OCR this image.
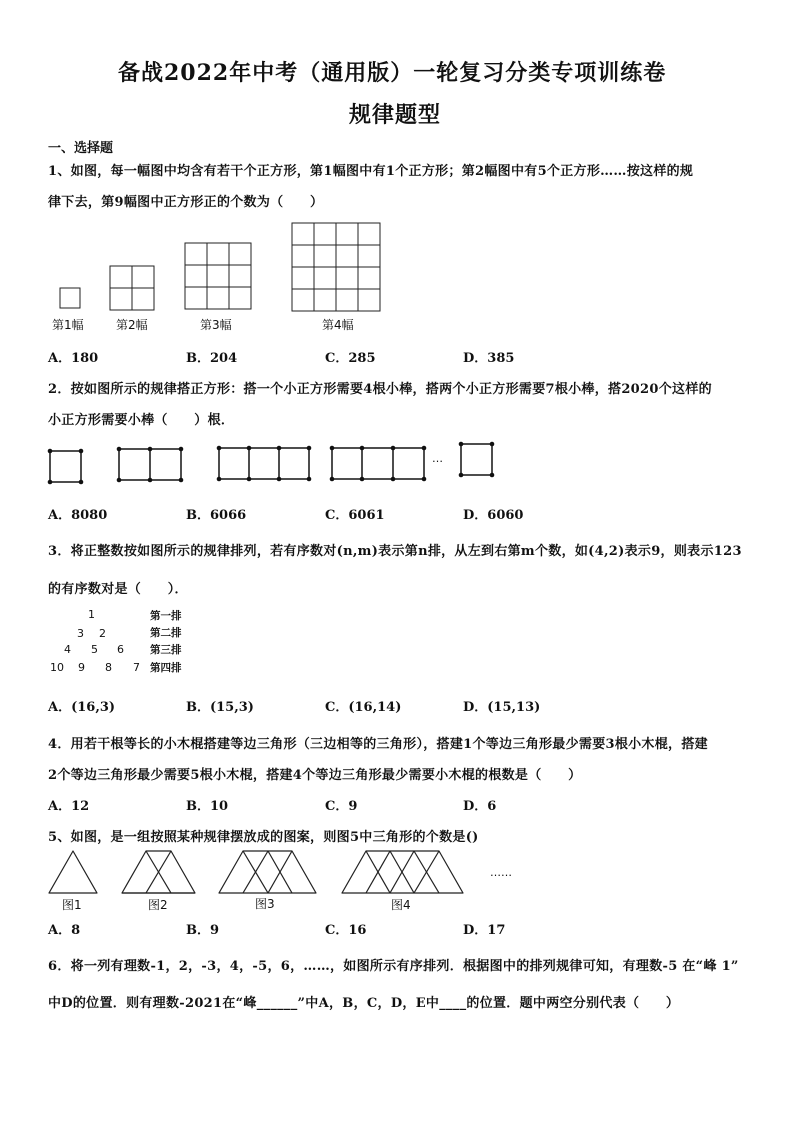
备战2022年中考（通用版）一轮复习分类专项训练卷
规律题型
一、选择题
1、如图，每一幅图中均含有若干个正方形，第1幅图中有1个正方形；第2幅图中有5个正方形……按这样的规
律下去，第9幅图中正方形正的个数为（　　）
第1幅	第2幅	第3幅	第4幅
A．180	B．204	C．285	D．385
2．按如图所示的规律搭正方形：搭一个小正方形需要4根小棒，搭两个小正方形需要7根小棒，搭2020个这样的
小正方形需要小棒（　　）根．
…
A．8080	B．6066	C．6061	D．6060
3．将正整数按如图所示的规律排列，若有序数对(n,m)表示第n排，从左到右第m个数，如(4,2)表示9，则表示123
的有序数对是（　　）．
1
3 2
4 5 6
10 9 8 7
第一排
第二排
第三排
第四排
A．(16,3)	B．(15,3)	C．(16,14)	D．(15,13)
4．用若干根等长的小木棍搭建等边三角形（三边相等的三角形），搭建1个等边三角形最少需要3根小木棍，搭建
2个等边三角形最少需要5根小木棍，搭建4个等边三角形最少需要小木棍的根数是（　　）
A．12	B．10	C．9	D．6
5、如图，是一组按照某种规律摆放成的图案，则图5中三角形的个数是()
……
图1	图2	图3	图4
A．8	B．9	C．16	D．17
6．将一列有理数-1，2，-3，4，-5，6，……，如图所示有序排列．根据图中的排列规律可知，有理数-5 在“峰 1”
中D的位置．则有理数-2021在“峰______”中A，B，C，D，E中____的位置．题中两空分别代表（　　）
